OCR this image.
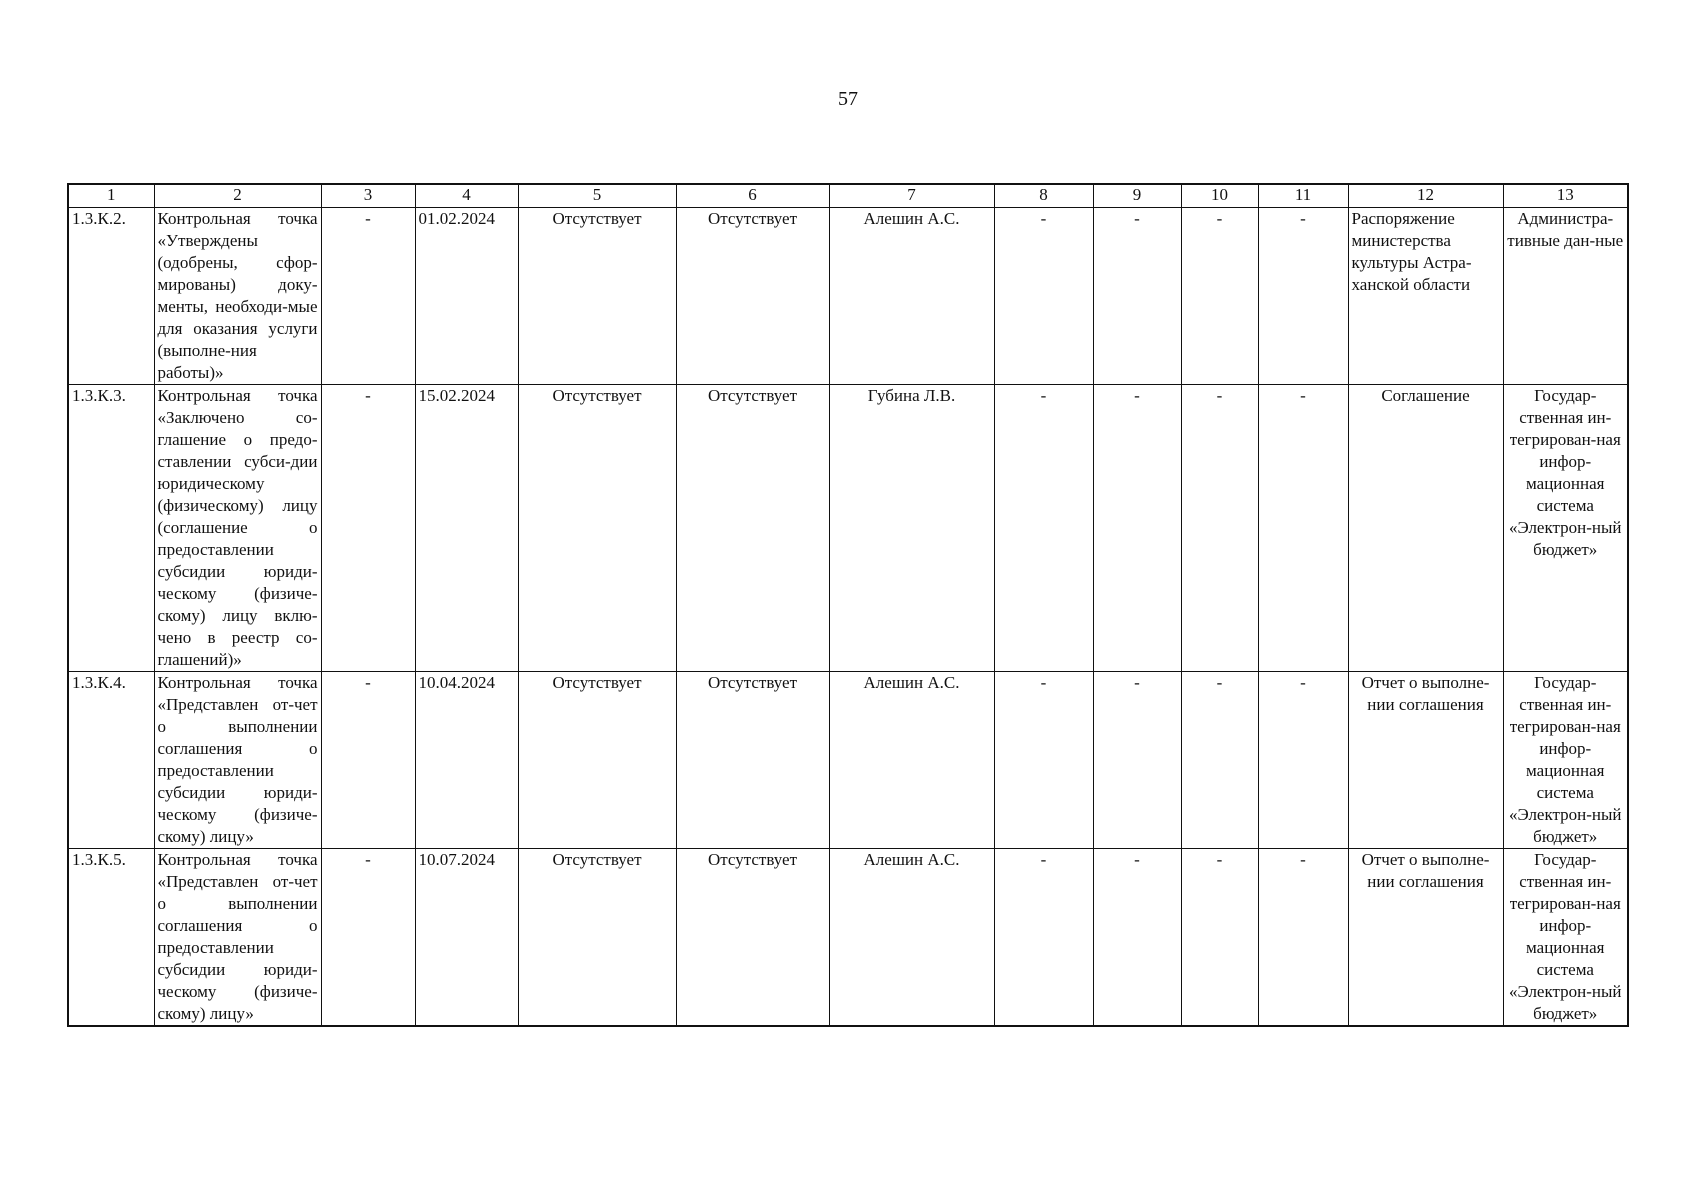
57
1	2	3	4	5	6	7	8	9	10	11	12	13
1.3.К.2.	Контрольная точка «Утверждены (одобрены, сфор-мированы) доку-менты, необходи-мые для оказания услуги (выполне-ния работы)»	-	01.02.2024	Отсутствует	Отсутствует	Алешин А.С.	-	-	-	-	Распоряжение министерства культуры Астра-ханской области	Администра-тивные дан-ные
1.3.К.3.	Контрольная точка «Заключено со-глашение о предо-ставлении субси-дии юридическому (физическому) лицу (соглашение о предоставлении субсидии юриди-ческому (физиче-скому) лицу вклю-чено в реестр со-глашений)»	-	15.02.2024	Отсутствует	Отсутствует	Губина Л.В.	-	-	-	-	Соглашение	Государ-ственная ин-тегрирован-ная инфор-мационная система «Электрон-ный бюджет»
1.3.К.4.	Контрольная точка «Представлен от-чет о выполнении соглашения о предоставлении субсидии юриди-ческому (физиче-скому) лицу»	-	10.04.2024	Отсутствует	Отсутствует	Алешин А.С.	-	-	-	-	Отчет о выполне-нии соглашения	Государ-ственная ин-тегрирован-ная инфор-мационная система «Электрон-ный бюджет»
1.3.К.5.	Контрольная точка «Представлен от-чет о выполнении соглашения о предоставлении субсидии юриди-ческому (физиче-скому) лицу»	-	10.07.2024	Отсутствует	Отсутствует	Алешин А.С.	-	-	-	-	Отчет о выполне-нии соглашения	Государ-ственная ин-тегрирован-ная инфор-мационная система «Электрон-ный бюджет»
